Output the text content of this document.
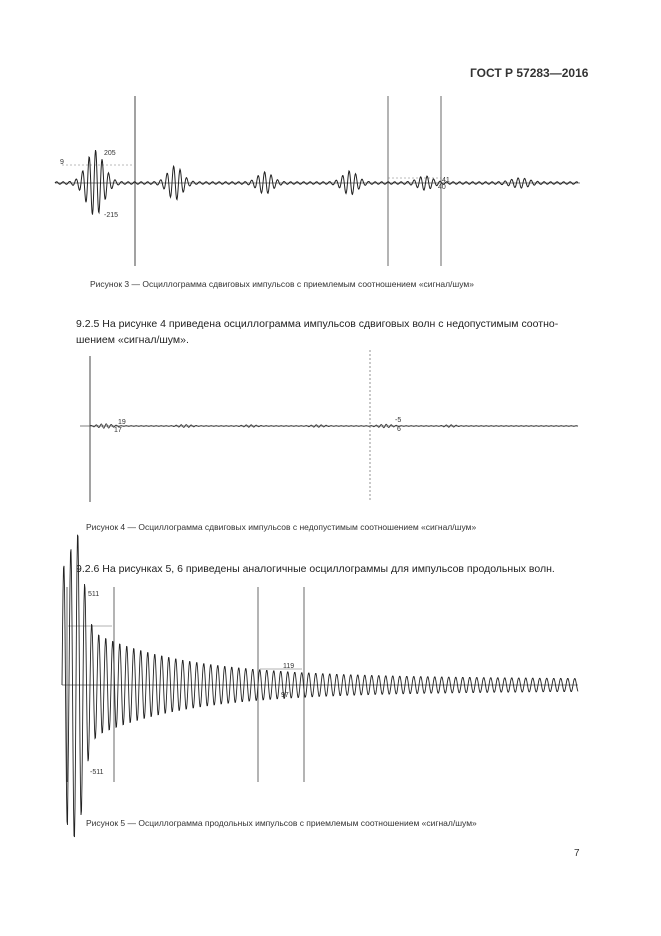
ГОСТ Р 57283—2016
205
-215
41
40
9
Рисунок 3 — Осциллограмма сдвиговых импульсов с приемлемым соотношением «сигнал/шум»
9.2.5 На рисунке 4 приведена осциллограмма импульсов сдвиговых волн с недопустимым соотно-шением «сигнал/шум».
19
17
-5
6
Рисунок 4 — Осциллограмма сдвиговых импульсов с недопустимым соотношением «сигнал/шум»
9.2.6 На рисунках 5, 6 приведены аналогичные осциллограммы для импульсов продольных волн.
511
-511
119
97
Рисунок 5 — Осциллограмма продольных импульсов с приемлемым соотношением «сигнал/шум»
7
